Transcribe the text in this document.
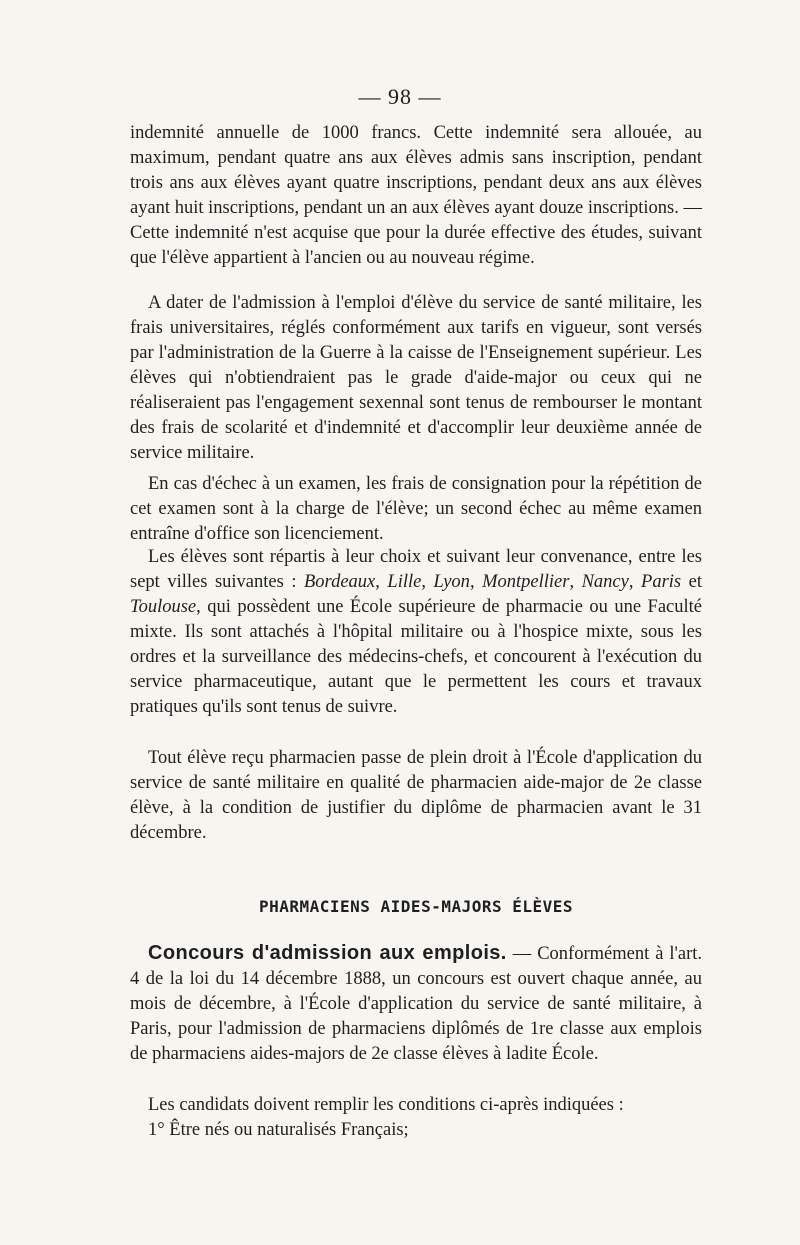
— 98 —

indemnité annuelle de 1000 francs. Cette indemnité sera allouée, au maximum, pendant quatre ans aux élèves admis sans inscription, pendant trois ans aux élèves ayant quatre inscriptions, pendant deux ans aux élèves ayant huit inscriptions, pendant un an aux élèves ayant douze inscriptions. — Cette indemnité n'est acquise que pour la durée effective des études, suivant que l'élève appartient à l'ancien ou au nouveau régime.

A dater de l'admission à l'emploi d'élève du service de santé militaire, les frais universitaires, réglés conformément aux tarifs en vigueur, sont versés par l'administration de la Guerre à la caisse de l'Enseignement supérieur. Les élèves qui n'obtiendraient pas le grade d'aide-major ou ceux qui ne réaliseraient pas l'engagement sexennal sont tenus de rembourser le montant des frais de scolarité et d'indemnité et d'accomplir leur deuxième année de service militaire.

En cas d'échec à un examen, les frais de consignation pour la répétition de cet examen sont à la charge de l'élève; un second échec au même examen entraîne d'office son licenciement.

Les élèves sont répartis à leur choix et suivant leur convenance, entre les sept villes suivantes : Bordeaux, Lille, Lyon, Montpellier, Nancy, Paris et Toulouse, qui possèdent une École supérieure de pharmacie ou une Faculté mixte. Ils sont attachés à l'hôpital militaire ou à l'hospice mixte, sous les ordres et la surveillance des médecins-chefs, et concourent à l'exécution du service pharmaceutique, autant que le permettent les cours et travaux pratiques qu'ils sont tenus de suivre.

Tout élève reçu pharmacien passe de plein droit à l'École d'application du service de santé militaire en qualité de pharmacien aide-major de 2e classe élève, à la condition de justifier du diplôme de pharmacien avant le 31 décembre.

PHARMACIENS AIDES-MAJORS ÉLÈVES

Concours d'admission aux emplois. — Conformément à l'art. 4 de la loi du 14 décembre 1888, un concours est ouvert chaque année, au mois de décembre, à l'École d'application du service de santé militaire, à Paris, pour l'admission de pharmaciens diplômés de 1re classe aux emplois de pharmaciens aides-majors de 2e classe élèves à ladite École.

Les candidats doivent remplir les conditions ci-après indiquées :

1° Être nés ou naturalisés Français;
